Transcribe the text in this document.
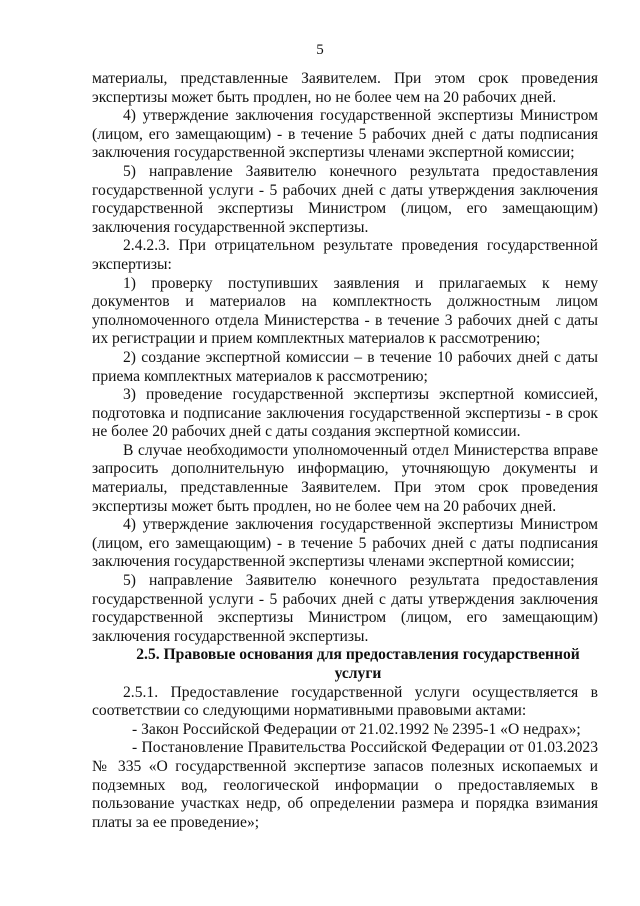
5

материалы, представленные Заявителем. При этом срок проведения экспертизы может быть продлен, но не более чем на 20 рабочих дней.

4) утверждение заключения государственной экспертизы Министром (лицом, его замещающим) - в течение 5 рабочих дней с даты подписания заключения государственной экспертизы членами экспертной комиссии;

5) направление Заявителю конечного результата предоставления государственной услуги - 5 рабочих дней с даты утверждения заключения государственной экспертизы Министром (лицом, его замещающим) заключения государственной экспертизы.

2.4.2.3. При отрицательном результате проведения государственной экспертизы:

1) проверку поступивших заявления и прилагаемых к нему документов и материалов на комплектность должностным лицом уполномоченного отдела Министерства - в течение 3 рабочих дней с даты их регистрации и прием комплектных материалов к рассмотрению;

2) создание экспертной комиссии – в течение 10 рабочих дней с даты приема комплектных материалов к рассмотрению;

3) проведение государственной экспертизы экспертной комиссией, подготовка и подписание заключения государственной экспертизы - в срок не более 20 рабочих дней с даты создания экспертной комиссии.

В случае необходимости уполномоченный отдел Министерства вправе запросить дополнительную информацию, уточняющую документы и материалы, представленные Заявителем. При этом срок проведения экспертизы может быть продлен, но не более чем на 20 рабочих дней.

4) утверждение заключения государственной экспертизы Министром (лицом, его замещающим) - в течение 5 рабочих дней с даты подписания заключения государственной экспертизы членами экспертной комиссии;

5) направление Заявителю конечного результата предоставления государственной услуги - 5 рабочих дней с даты утверждения заключения государственной экспертизы Министром (лицом, его замещающим) заключения государственной экспертизы.

2.5. Правовые основания для предоставления государственной услуги

2.5.1. Предоставление государственной услуги осуществляется в соответствии со следующими нормативными правовыми актами:

- Закон Российской Федерации от 21.02.1992 № 2395-1 «О недрах»;

- Постановление Правительства Российской Федерации от 01.03.2023 № 335 «О государственной экспертизе запасов полезных ископаемых и подземных вод, геологической информации о предоставляемых в пользование участках недр, об определении размера и порядка взимания платы за ее проведение»;
